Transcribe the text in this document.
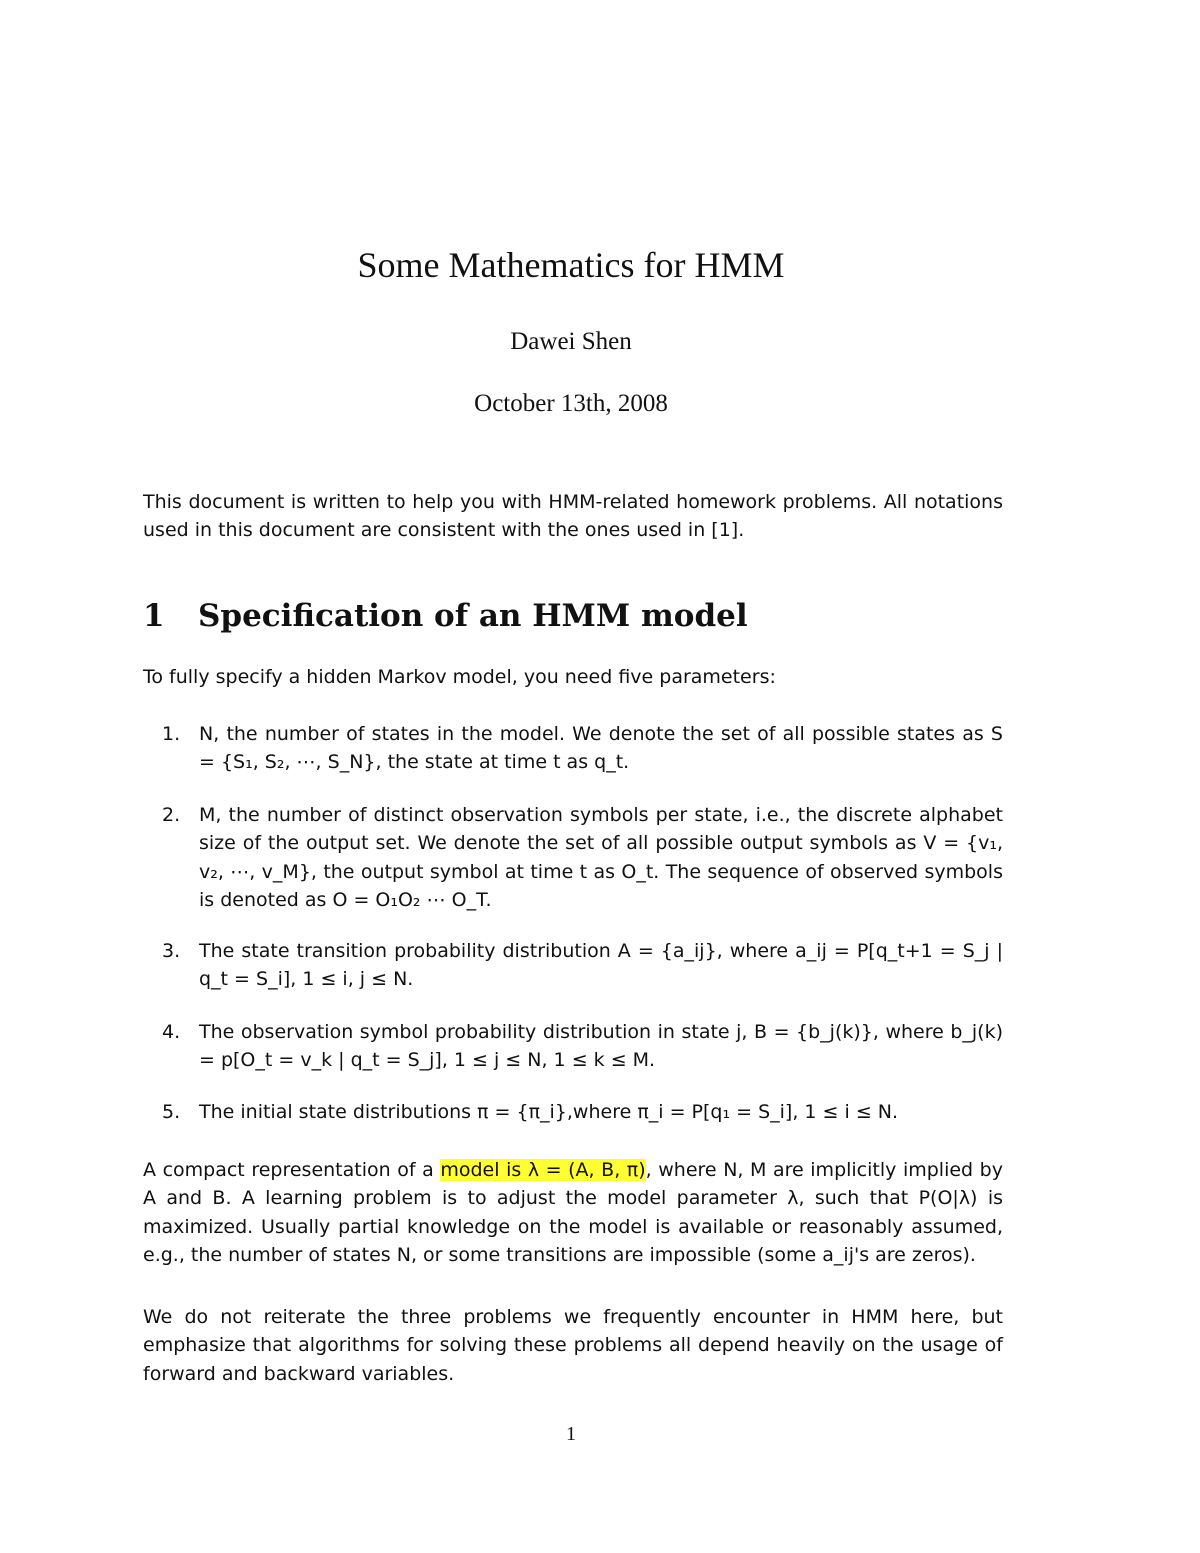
Some Mathematics for HMM
Dawei Shen
October 13th, 2008
This document is written to help you with HMM-related homework problems. All notations used in this document are consistent with the ones used in [1].
1 Specification of an HMM model
To fully specify a hidden Markov model, you need five parameters:
1. N, the number of states in the model. We denote the set of all possible states as S = {S₁, S₂, ⋯, S_N}, the state at time t as q_t.
2. M, the number of distinct observation symbols per state, i.e., the discrete alphabet size of the output set. We denote the set of all possible output symbols as V = {v₁, v₂, ⋯, v_M}, the output symbol at time t as O_t. The sequence of observed symbols is denoted as O = O₁O₂ ⋯ O_T.
3. The state transition probability distribution A = {a_ij}, where a_ij = P[q_t+1 = S_j | q_t = S_i], 1 ≤ i, j ≤ N.
4. The observation symbol probability distribution in state j, B = {b_j(k)}, where b_j(k) = p[O_t = v_k | q_t = S_j], 1 ≤ j ≤ N, 1 ≤ k ≤ M.
5. The initial state distributions π = {π_i},where π_i = P[q₁ = S_i], 1 ≤ i ≤ N.
A compact representation of a model is λ = (A, B, π), where N, M are implicitly implied by A and B. A learning problem is to adjust the model parameter λ, such that P(O|λ) is maximized. Usually partial knowledge on the model is available or reasonably assumed, e.g., the number of states N, or some transitions are impossible (some a_ij's are zeros).
We do not reiterate the three problems we frequently encounter in HMM here, but emphasize that algorithms for solving these problems all depend heavily on the usage of forward and backward variables.
1
